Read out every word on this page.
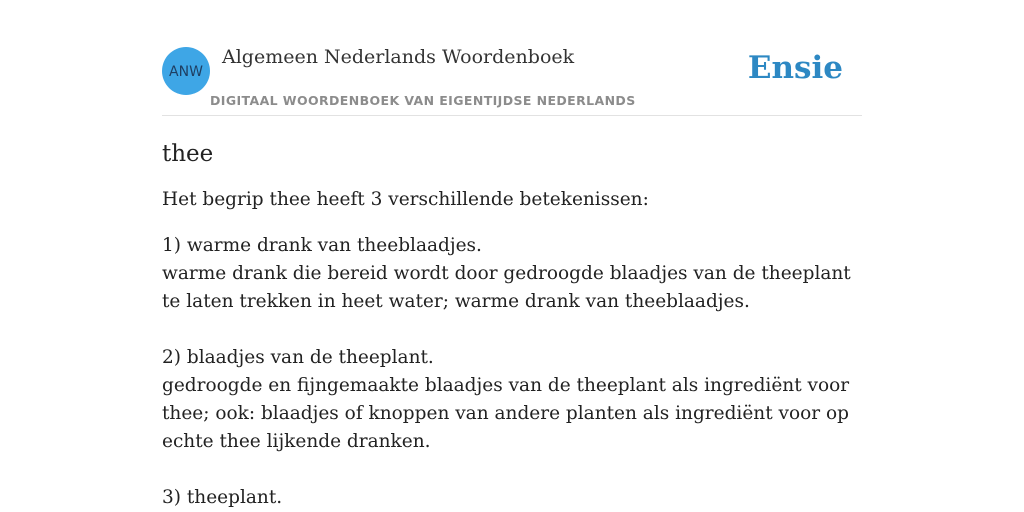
ANW
Algemeen Nederlands Woordenboek
DIGITAAL WOORDENBOEK VAN EIGENTIJDSE NEDERLANDS
Ensie
thee

Het begrip thee heeft 3 verschillende betekenissen:

1) warme drank van theeblaadjes.

warme drank die bereid wordt door gedroogde blaadjes van de theeplant te laten trekken in heet water; warme drank van theeblaadjes.

2) blaadjes van de theeplant.

gedroogde en fijngemaakte blaadjes van de theeplant als ingrediënt voor thee; ook: blaadjes of knoppen van andere planten als ingrediënt voor op echte thee lijkende dranken.

3) theeplant.
